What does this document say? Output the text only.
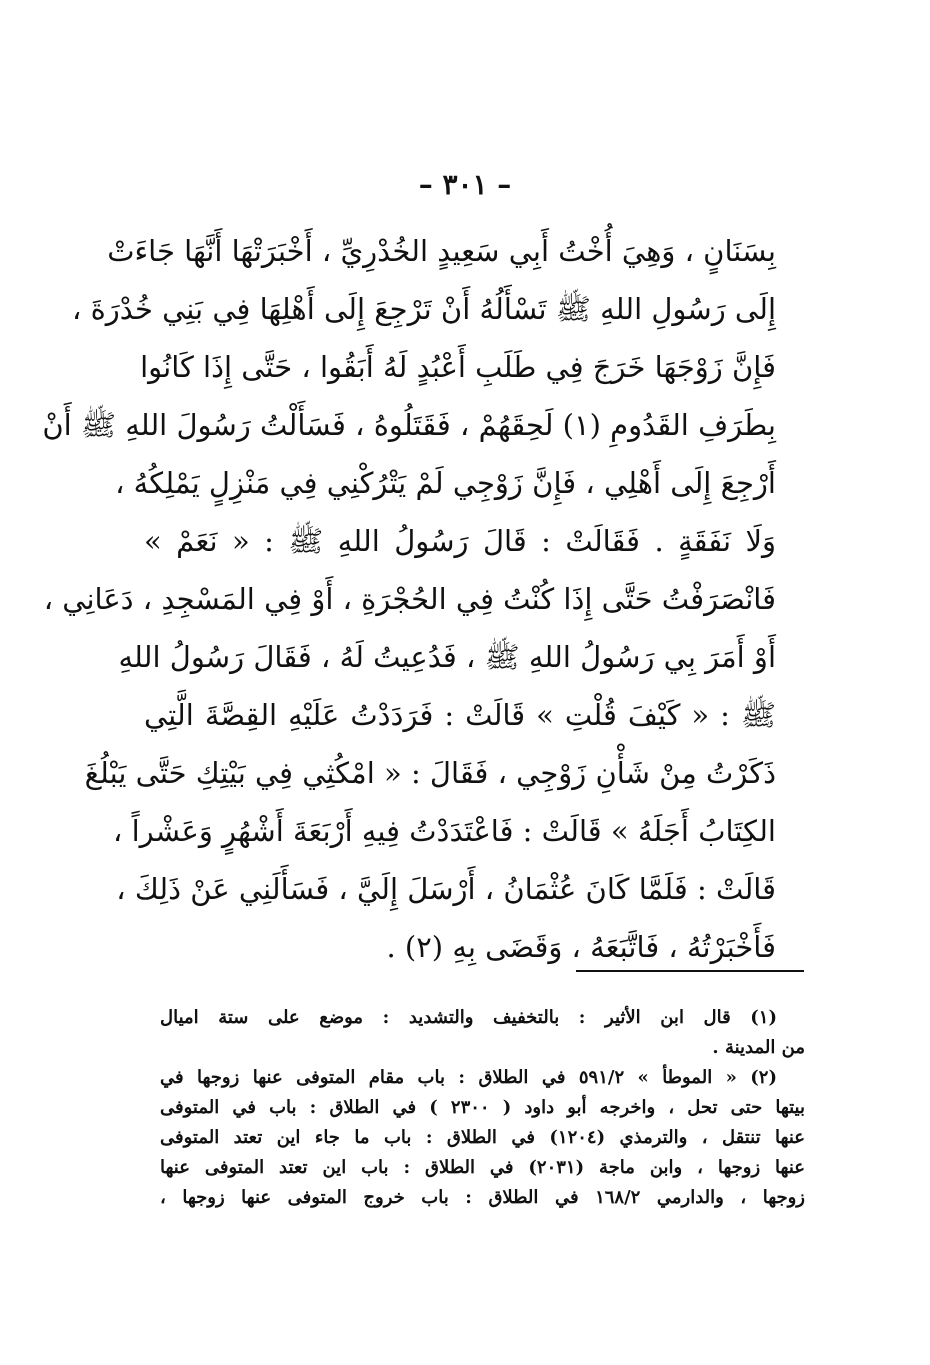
– ٣٠١ –
بِسَنَانٍ ، وَهِيَ أُخْتُ أَبِي سَعِيدٍ الخُدْرِيِّ ، أَخْبَرَتْهَا أَنَّهَا جَاءَتْ
إِلَى رَسُولِ اللهِ ﷺ تَسْأَلُهُ أَنْ تَرْجِعَ إِلَى أَهْلِهَا فِي بَنِي خُدْرَةَ ،
فَإِنَّ زَوْجَهَا خَرَجَ فِي طَلَبِ أَعْبُدٍ لَهُ أَبَقُوا ، حَتَّى إِذَا كَانُوا
بِطَرَفِ القَدُومِ (١) لَحِقَهُمْ ، فَقَتَلُوهُ ، فَسَأَلْتُ رَسُولَ اللهِ ﷺ أَنْ
أَرْجِعَ إِلَى أَهْلِي ، فَإِنَّ زَوْجِي لَمْ يَتْرُكْنِي فِي مَنْزِلٍ يَمْلِكُهُ ،
وَلَا نَفَقَةٍ . فَقَالَتْ : قَالَ رَسُولُ اللهِ ﷺ : « نَعَمْ »
فَانْصَرَفْتُ حَتَّى إِذَا كُنْتُ فِي الحُجْرَةِ ، أَوْ فِي المَسْجِدِ ، دَعَانِي ،
أَوْ أَمَرَ بِي رَسُولُ اللهِ ﷺ ، فَدُعِيتُ لَهُ ، فَقَالَ رَسُولُ اللهِ
ﷺ : « كَيْفَ قُلْتِ » قَالَتْ : فَرَدَدْتُ عَلَيْهِ القِصَّةَ الَّتِي
ذَكَرْتُ مِنْ شَأْنِ زَوْجِي ، فَقَالَ : « امْكُثِي فِي بَيْتِكِ حَتَّى يَبْلُغَ
الكِتَابُ أَجَلَهُ » قَالَتْ : فَاعْتَدَدْتُ فِيهِ أَرْبَعَةَ أَشْهُرٍ وَعَشْراً ،
قَالَتْ : فَلَمَّا كَانَ عُثْمَانُ ، أَرْسَلَ إِلَيَّ ، فَسَأَلَنِي عَنْ ذَلِكَ ،
فَأَخْبَرْتُهُ ، فَاتَّبَعَهُ ، وَقَضَى بِهِ (٢) .
(١) قال ابن الأثير : بالتخفيف والتشديد : موضع على ستة اميال
من المدينة .
(٢) « الموطأ » ٥٩١/٢ في الطلاق : باب مقام المتوفى عنها زوجها في
بيتها حتى تحل ، واخرجه أبو داود ( ٢٣٠٠ ) في الطلاق : باب في المتوفى
عنها تنتقل ، والترمذي (١٢٠٤) في الطلاق : باب ما جاء اين تعتد المتوفى
عنها زوجها ، وابن ماجة (٢٠٣١) في الطلاق : باب اين تعتد المتوفى عنها
زوجها ، والدارمي ١٦٨/٢ في الطلاق : باب خروج المتوفى عنها زوجها ،
